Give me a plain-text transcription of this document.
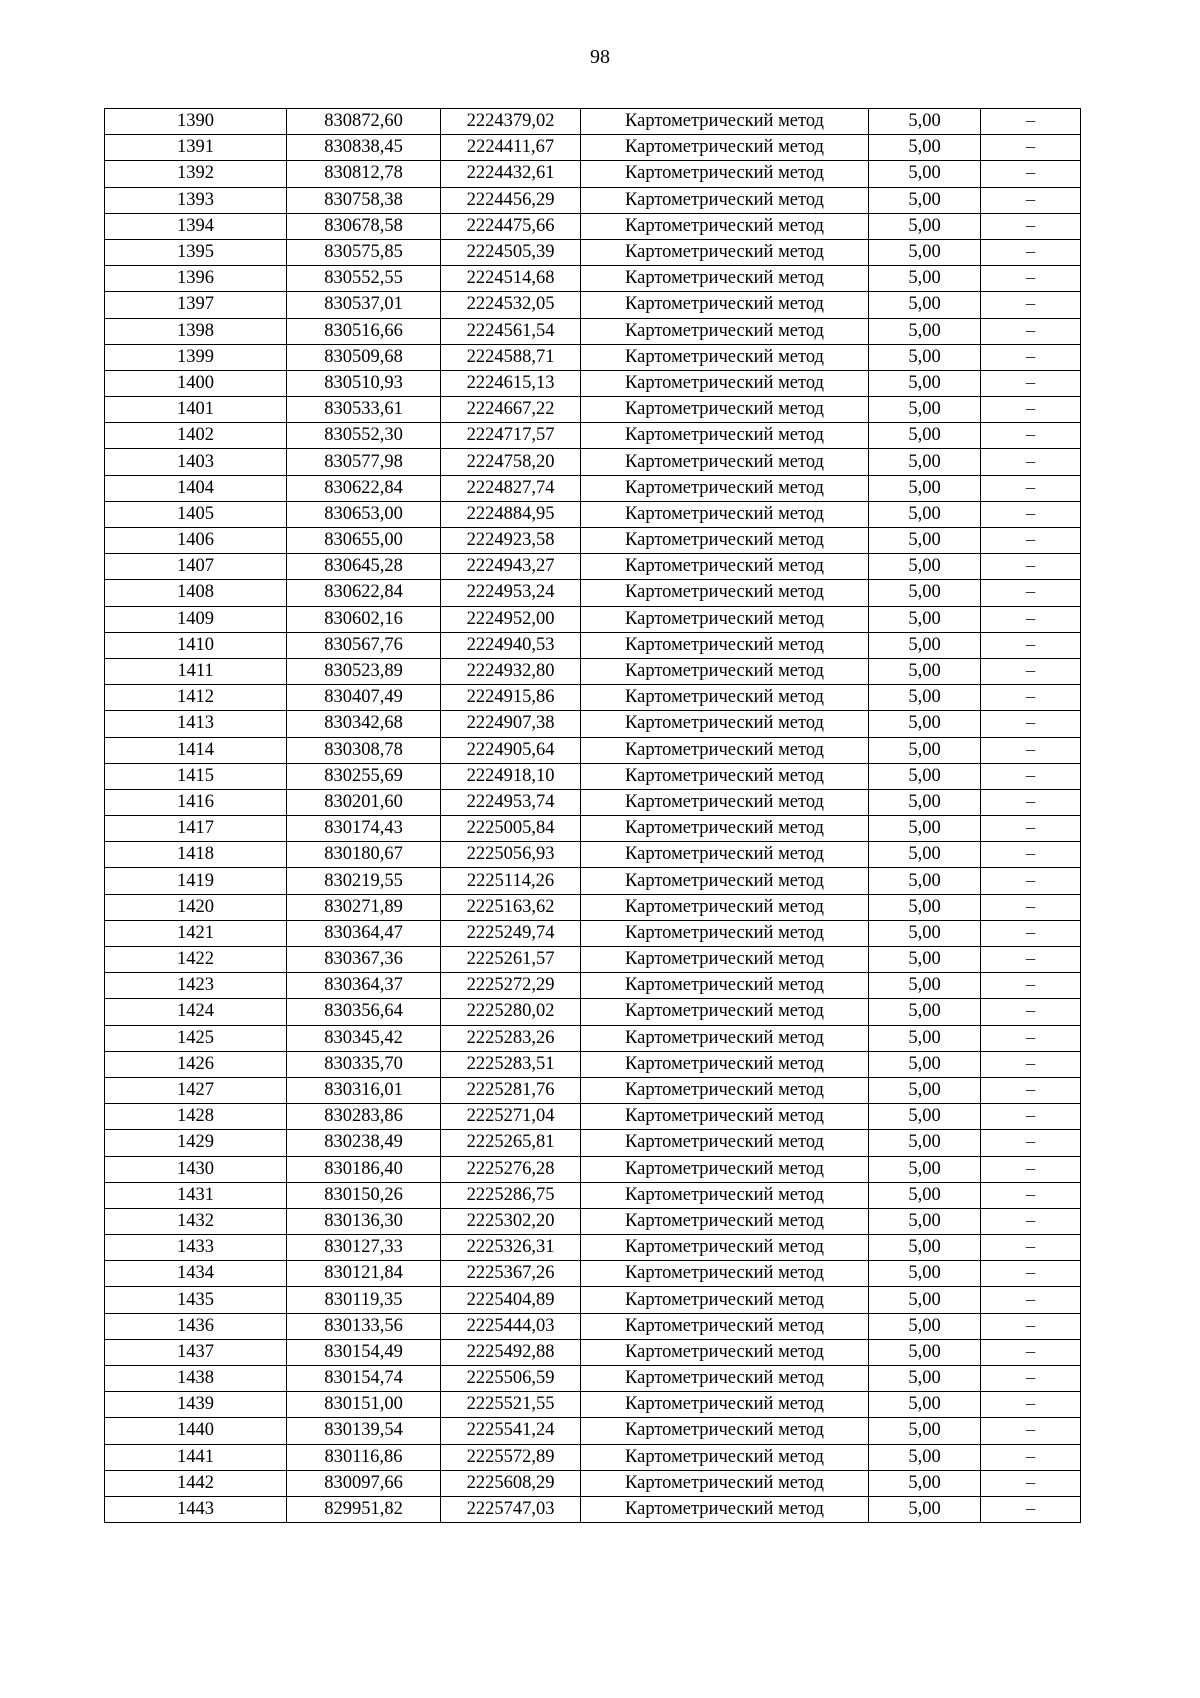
98
1390	830872,60	2224379,02	Картометрический метод	5,00	–
1391	830838,45	2224411,67	Картометрический метод	5,00	–
1392	830812,78	2224432,61	Картометрический метод	5,00	–
1393	830758,38	2224456,29	Картометрический метод	5,00	–
1394	830678,58	2224475,66	Картометрический метод	5,00	–
1395	830575,85	2224505,39	Картометрический метод	5,00	–
1396	830552,55	2224514,68	Картометрический метод	5,00	–
1397	830537,01	2224532,05	Картометрический метод	5,00	–
1398	830516,66	2224561,54	Картометрический метод	5,00	–
1399	830509,68	2224588,71	Картометрический метод	5,00	–
1400	830510,93	2224615,13	Картометрический метод	5,00	–
1401	830533,61	2224667,22	Картометрический метод	5,00	–
1402	830552,30	2224717,57	Картометрический метод	5,00	–
1403	830577,98	2224758,20	Картометрический метод	5,00	–
1404	830622,84	2224827,74	Картометрический метод	5,00	–
1405	830653,00	2224884,95	Картометрический метод	5,00	–
1406	830655,00	2224923,58	Картометрический метод	5,00	–
1407	830645,28	2224943,27	Картометрический метод	5,00	–
1408	830622,84	2224953,24	Картометрический метод	5,00	–
1409	830602,16	2224952,00	Картометрический метод	5,00	–
1410	830567,76	2224940,53	Картометрический метод	5,00	–
1411	830523,89	2224932,80	Картометрический метод	5,00	–
1412	830407,49	2224915,86	Картометрический метод	5,00	–
1413	830342,68	2224907,38	Картометрический метод	5,00	–
1414	830308,78	2224905,64	Картометрический метод	5,00	–
1415	830255,69	2224918,10	Картометрический метод	5,00	–
1416	830201,60	2224953,74	Картометрический метод	5,00	–
1417	830174,43	2225005,84	Картометрический метод	5,00	–
1418	830180,67	2225056,93	Картометрический метод	5,00	–
1419	830219,55	2225114,26	Картометрический метод	5,00	–
1420	830271,89	2225163,62	Картометрический метод	5,00	–
1421	830364,47	2225249,74	Картометрический метод	5,00	–
1422	830367,36	2225261,57	Картометрический метод	5,00	–
1423	830364,37	2225272,29	Картометрический метод	5,00	–
1424	830356,64	2225280,02	Картометрический метод	5,00	–
1425	830345,42	2225283,26	Картометрический метод	5,00	–
1426	830335,70	2225283,51	Картометрический метод	5,00	–
1427	830316,01	2225281,76	Картометрический метод	5,00	–
1428	830283,86	2225271,04	Картометрический метод	5,00	–
1429	830238,49	2225265,81	Картометрический метод	5,00	–
1430	830186,40	2225276,28	Картометрический метод	5,00	–
1431	830150,26	2225286,75	Картометрический метод	5,00	–
1432	830136,30	2225302,20	Картометрический метод	5,00	–
1433	830127,33	2225326,31	Картометрический метод	5,00	–
1434	830121,84	2225367,26	Картометрический метод	5,00	–
1435	830119,35	2225404,89	Картометрический метод	5,00	–
1436	830133,56	2225444,03	Картометрический метод	5,00	–
1437	830154,49	2225492,88	Картометрический метод	5,00	–
1438	830154,74	2225506,59	Картометрический метод	5,00	–
1439	830151,00	2225521,55	Картометрический метод	5,00	–
1440	830139,54	2225541,24	Картометрический метод	5,00	–
1441	830116,86	2225572,89	Картометрический метод	5,00	–
1442	830097,66	2225608,29	Картометрический метод	5,00	–
1443	829951,82	2225747,03	Картометрический метод	5,00	–
